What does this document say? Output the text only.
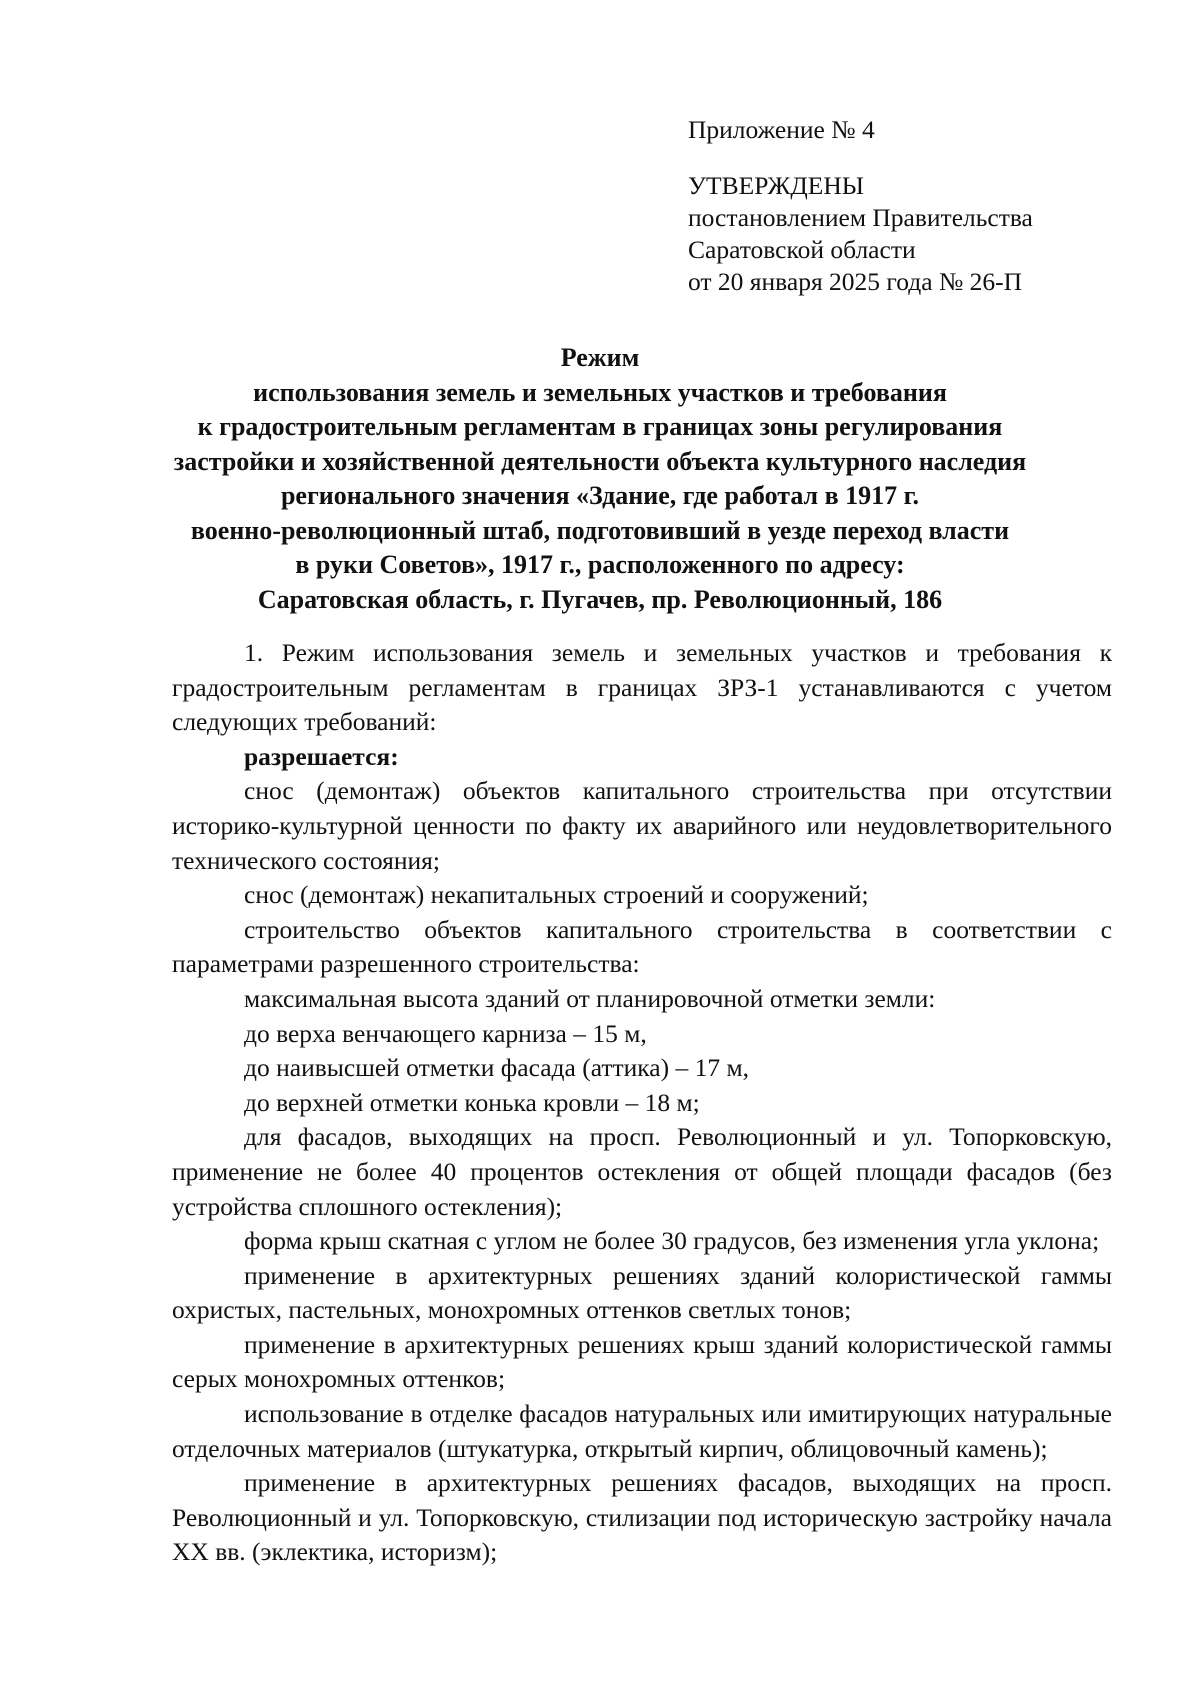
Приложение № 4
УТВЕРЖДЕНЫ
постановлением Правительства
Саратовской области
от 20 января 2025 года № 26-П
Режим
использования земель и земельных участков и требования
к градостроительным регламентам в границах зоны регулирования
застройки и хозяйственной деятельности объекта культурного наследия
регионального значения «Здание, где работал в 1917 г.
военно-революционный штаб, подготовивший в уезде переход власти
в руки Советов», 1917 г., расположенного по адресу:
Саратовская область, г. Пугачев, пр. Революционный, 186

1. Режим использования земель и земельных участков и требования к градостроительным регламентам в границах ЗРЗ-1 устанавливаются с учетом следующих требований:

разрешается:

снос (демонтаж) объектов капитального строительства при отсутствии историко-культурной ценности по факту их аварийного или неудовлетворительного технического состояния;

снос (демонтаж) некапитальных строений и сооружений;

строительство объектов капитального строительства в соответствии с параметрами разрешенного строительства:

максимальная высота зданий от планировочной отметки земли:

до верха венчающего карниза – 15 м,

до наивысшей отметки фасада (аттика) – 17 м,

до верхней отметки конька кровли – 18 м;

для фасадов, выходящих на просп. Революционный и ул. Топорковскую, применение не более 40 процентов остекления от общей площади фасадов (без устройства сплошного остекления);

форма крыш скатная с углом не более 30 градусов, без изменения угла уклона;

применение в архитектурных решениях зданий колористической гаммы охристых, пастельных, монохромных оттенков светлых тонов;

применение в архитектурных решениях крыш зданий колористической гаммы серых монохромных оттенков;

использование в отделке фасадов натуральных или имитирующих натуральные отделочных материалов (штукатурка, открытый кирпич, облицовочный камень);

применение в архитектурных решениях фасадов, выходящих на просп. Революционный и ул. Топорковскую, стилизации под историческую застройку начала XX вв. (эклектика, историзм);
